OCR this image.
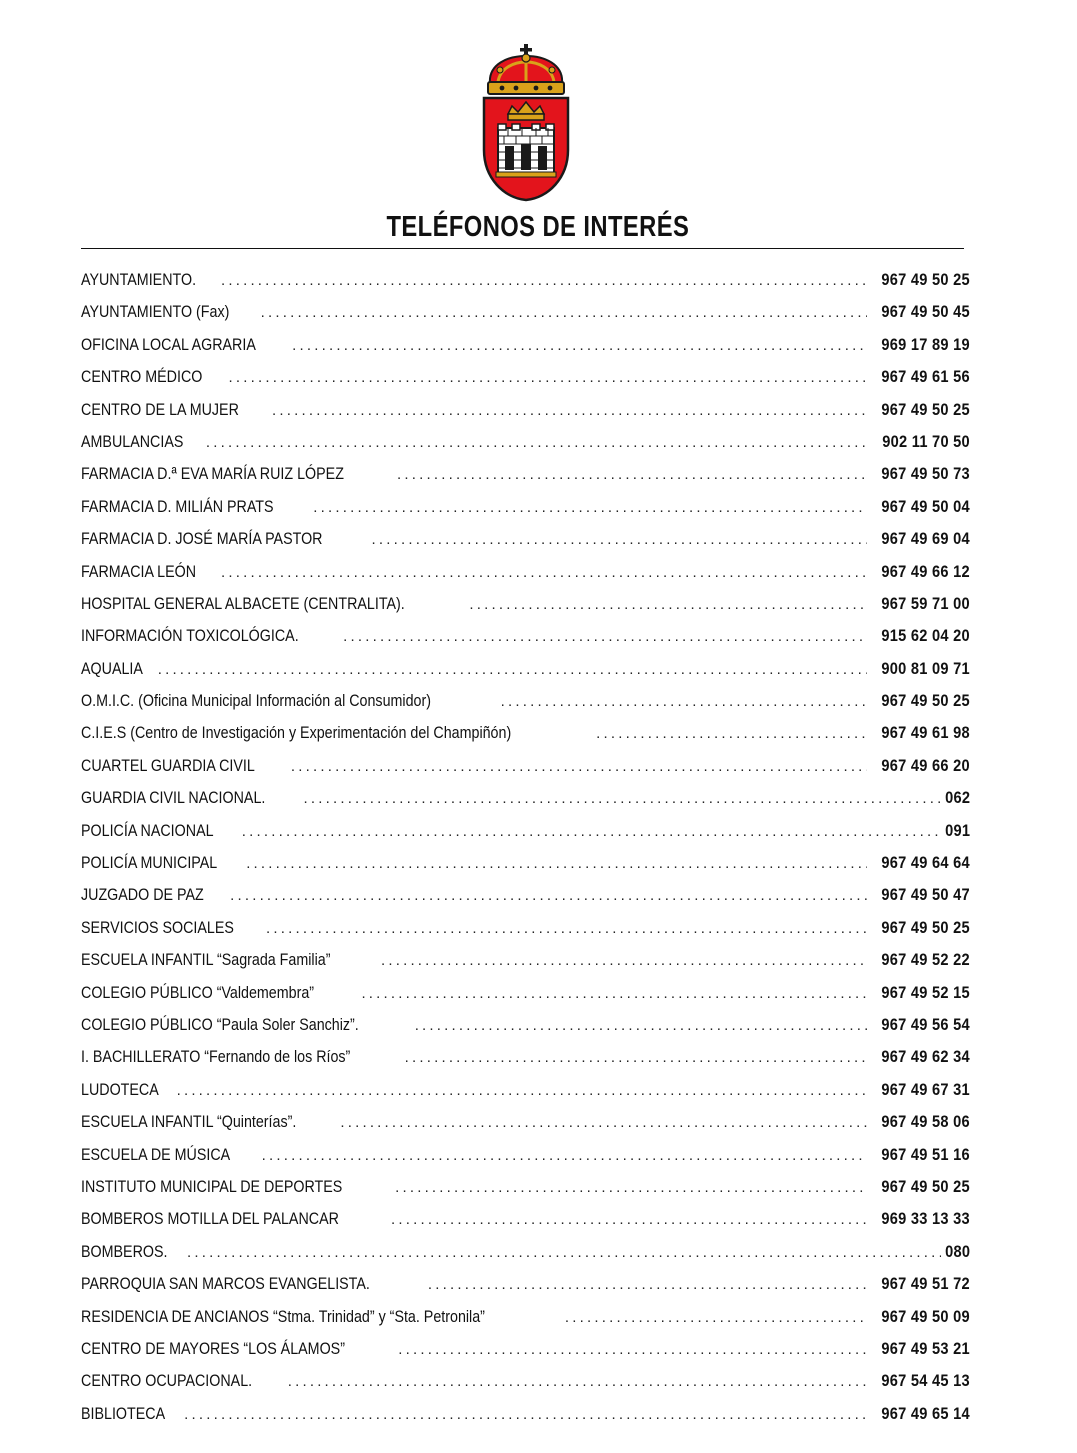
TELÉFONOS DE INTERÉS
AYUNTAMIENTO. .....	967 49 50 25
AYUNTAMIENTO (Fax) .....	967 49 50 45
OFICINA LOCAL AGRARIA .....	969 17 89 19
CENTRO MÉDICO .....	967 49 61 56
CENTRO DE LA MUJER .....	967 49 50 25
AMBULANCIAS .....	902 11 70 50
FARMACIA D.ª EVA MARÍA RUIZ LÓPEZ .....	967 49 50 73
FARMACIA D. MILIÁN PRATS .....	967 49 50 04
FARMACIA D. JOSÉ MARÍA PASTOR .....	967 49 69 04
FARMACIA LEÓN .....	967 49 66 12
HOSPITAL GENERAL ALBACETE (CENTRALITA). .....	967 59 71 00
INFORMACIÓN TOXICOLÓGICA. .....	915 62 04 20
AQUALIA .....	900 81 09 71
O.M.I.C. (Oficina Municipal Información al Consumidor) .....	967 49 50 25
C.I.E.S (Centro de Investigación y Experimentación del Champiñón) .....	967 49 61 98
CUARTEL GUARDIA CIVIL .....	967 49 66 20
GUARDIA CIVIL NACIONAL. .....	062
POLICÍA NACIONAL .....	091
POLICÍA MUNICIPAL .....	967 49 64 64
JUZGADO DE PAZ .....	967 49 50 47
SERVICIOS SOCIALES .....	967 49 50 25
ESCUELA INFANTIL “Sagrada Familia” .....	967 49 52 22
COLEGIO PÚBLICO “Valdemembra” .....	967 49 52 15
COLEGIO PÚBLICO “Paula Soler Sanchiz”. .....	967 49 56 54
I. BACHILLERATO “Fernando de los Ríos” .....	967 49 62 34
LUDOTECA .....	967 49 67 31
ESCUELA INFANTIL “Quinterías”. .....	967 49 58 06
ESCUELA DE MÚSICA .....	967 49 51 16
INSTITUTO MUNICIPAL DE DEPORTES .....	967 49 50 25
BOMBEROS MOTILLA DEL PALANCAR .....	969 33 13 33
BOMBEROS. .....	080
PARROQUIA SAN MARCOS EVANGELISTA. .....	967 49 51 72
RESIDENCIA DE ANCIANOS “Stma. Trinidad” y “Sta. Petronila” .....	967 49 50 09
CENTRO DE MAYORES “LOS ÁLAMOS” .....	967 49 53 21
CENTRO OCUPACIONAL. .....	967 54 45 13
BIBLIOTECA .....	967 49 65 14
